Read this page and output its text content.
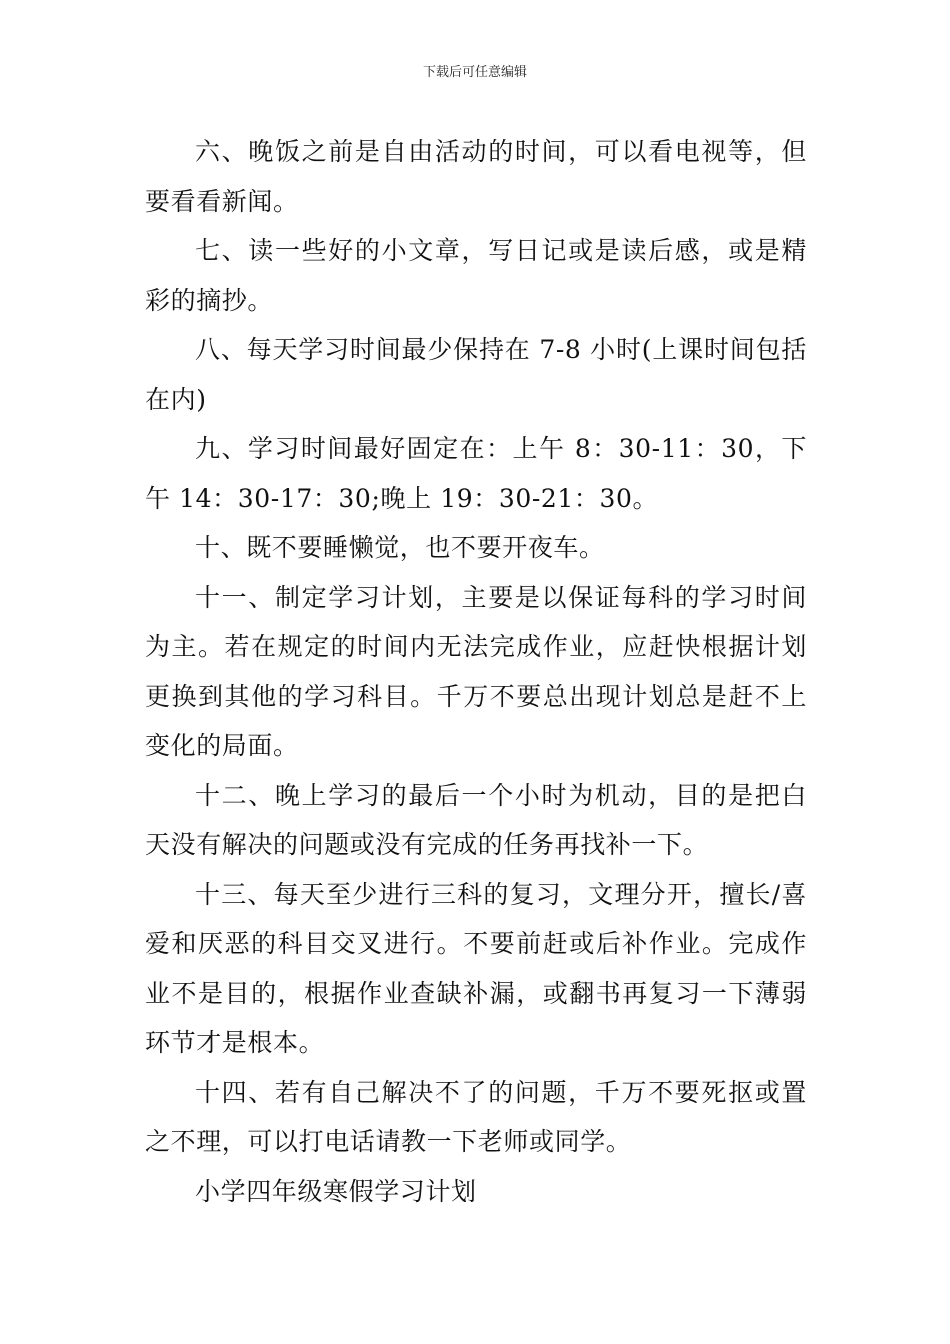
下载后可任意编辑

六、晚饭之前是自由活动的时间，可以看电视等，但要看看新闻。

七、读一些好的小文章，写日记或是读后感，或是精彩的摘抄。

八、每天学习时间最少保持在 7-8 小时(上课时间包括在内)

九、学习时间最好固定在：上午 8：30-11：30，下午 14：30-17：30;晚上 19：30-21：30。

十、既不要睡懒觉，也不要开夜车。

十一、制定学习计划，主要是以保证每科的学习时间为主。若在规定的时间内无法完成作业，应赶快根据计划更换到其他的学习科目。千万不要总出现计划总是赶不上变化的局面。

十二、晚上学习的最后一个小时为机动，目的是把白天没有解决的问题或没有完成的任务再找补一下。

十三、每天至少进行三科的复习，文理分开，擅长/喜爱和厌恶的科目交叉进行。不要前赶或后补作业。完成作业不是目的，根据作业查缺补漏，或翻书再复习一下薄弱环节才是根本。

十四、若有自己解决不了的问题，千万不要死抠或置之不理，可以打电话请教一下老师或同学。

小学四年级寒假学习计划
